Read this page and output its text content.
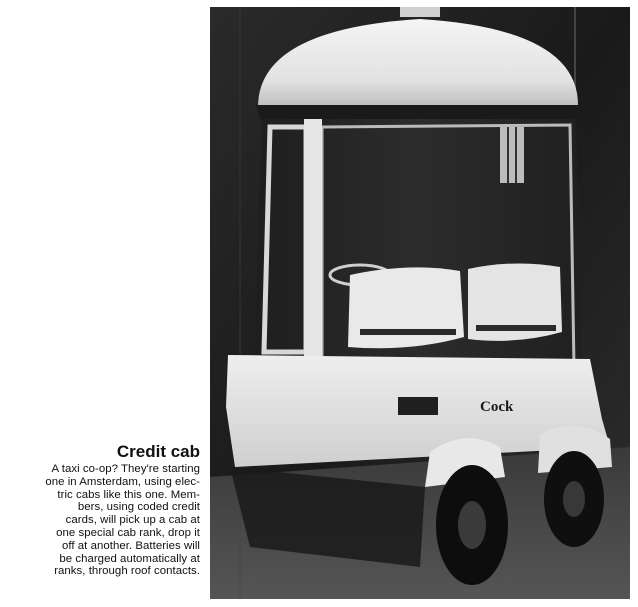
Credit cab
A taxi co-op? They're starting
one in Amsterdam, using elec-
tric cabs like this one. Mem-
bers, using coded credit
cards, will pick up a cab at
one special cab rank, drop it
off at another. Batteries will
be charged automatically at
ranks, through roof contacts.
Cock
